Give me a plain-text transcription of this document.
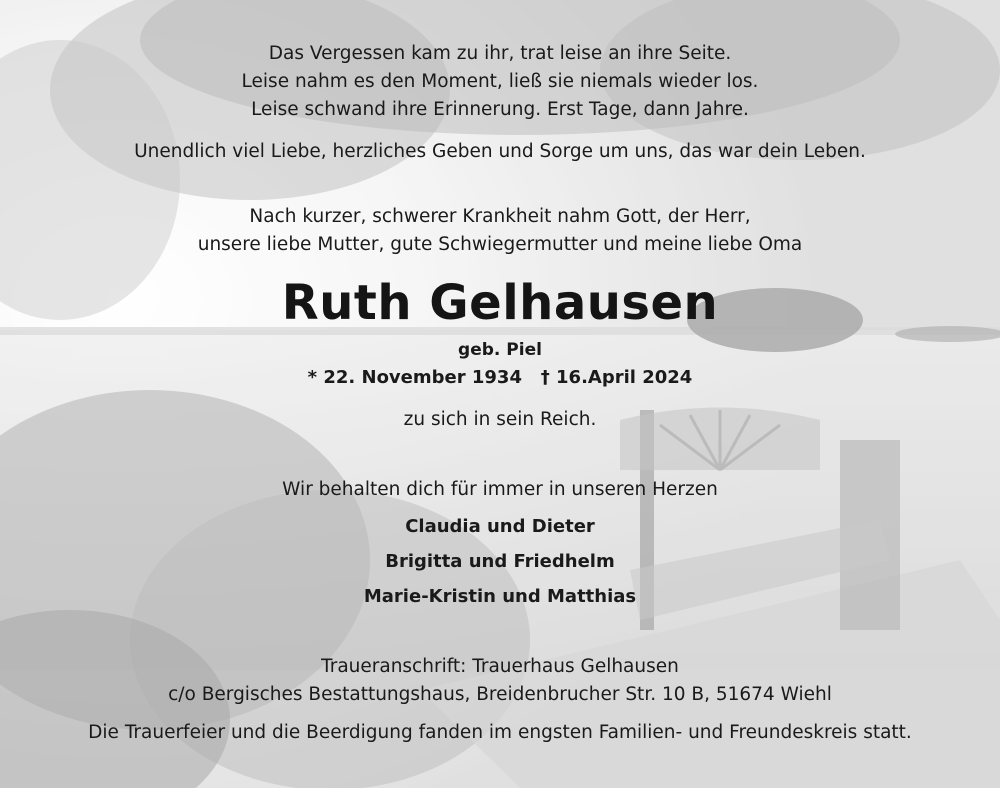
Das Vergessen kam zu ihr, trat leise an ihre Seite.
Leise nahm es den Moment, ließ sie niemals wieder los.
Leise schwand ihre Erinnerung. Erst Tage, dann Jahre.
Unendlich viel Liebe, herzliches Geben und Sorge um uns, das war dein Leben.
Nach kurzer, schwerer Krankheit nahm Gott, der Herr,
unsere liebe Mutter, gute Schwiegermutter und meine liebe Oma
Ruth Gelhausen
geb. Piel
* 22. November 1934   † 16.April 2024
zu sich in sein Reich.
Wir behalten dich für immer in unseren Herzen
Claudia und Dieter
Brigitta und Friedhelm
Marie-Kristin und Matthias
Traueranschrift: Trauerhaus Gelhausen
c/o Bergisches Bestattungshaus, Breidenbrucher Str. 10 B, 51674 Wiehl
Die Trauerfeier und die Beerdigung fanden im engsten Familien- und Freundeskreis statt.
